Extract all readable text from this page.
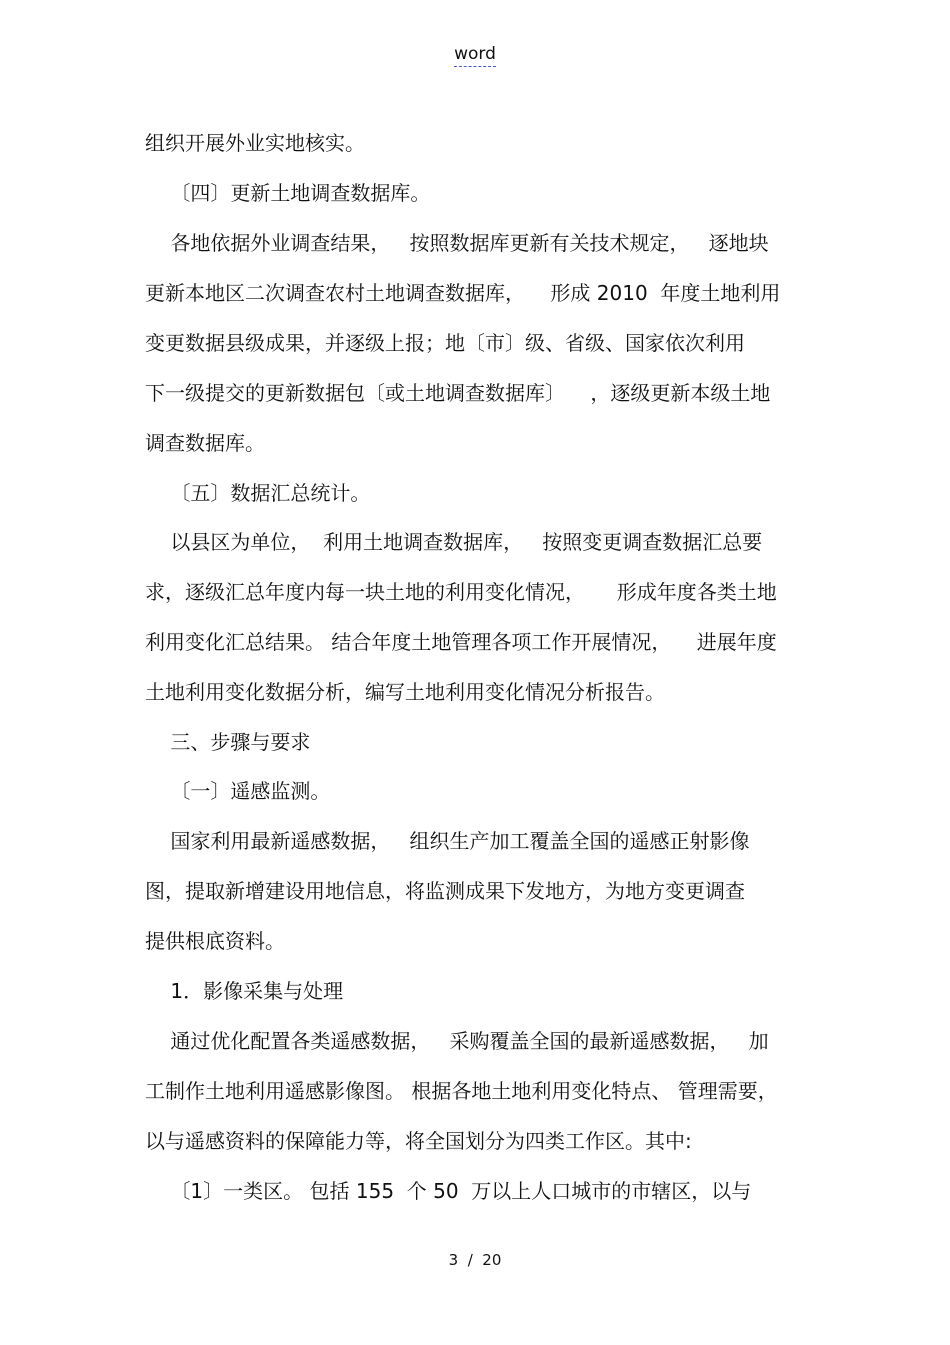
word
组织开展外业实地核实。
〔四〕更新土地调查数据库。
各地依据外业调查结果，   按照数据库更新有关技术规定，   逐地块
更新本地区二次调查农村土地调查数据库，    形成 2010  年度土地利用
变更数据县级成果，并逐级上报；地〔市〕级、省级、国家依次利用
下一级提交的更新数据包〔或土地调查数据库〕    ，逐级更新本级土地
调查数据库。
〔五〕数据汇总统计。
以县区为单位，  利用土地调查数据库，   按照变更调查数据汇总要
求，逐级汇总年度内每一块土地的利用变化情况，     形成年度各类土地
利用变化汇总结果。 结合年度土地管理各项工作开展情况，    进展年度
土地利用变化数据分析，编写土地利用变化情况分析报告。
三、步骤与要求
〔一〕遥感监测。
国家利用最新遥感数据，   组织生产加工覆盖全国的遥感正射影像
图，提取新增建设用地信息，将监测成果下发地方，为地方变更调查
提供根底资料。
1．影像采集与处理
通过优化配置各类遥感数据，   采购覆盖全国的最新遥感数据，   加
工制作土地利用遥感影像图。 根据各地土地利用变化特点、 管理需要，
以与遥感资料的保障能力等，将全国划分为四类工作区。其中:
〔1〕一类区。 包括 155  个 50  万以上人口城市的市辖区，以与
3  /  20
